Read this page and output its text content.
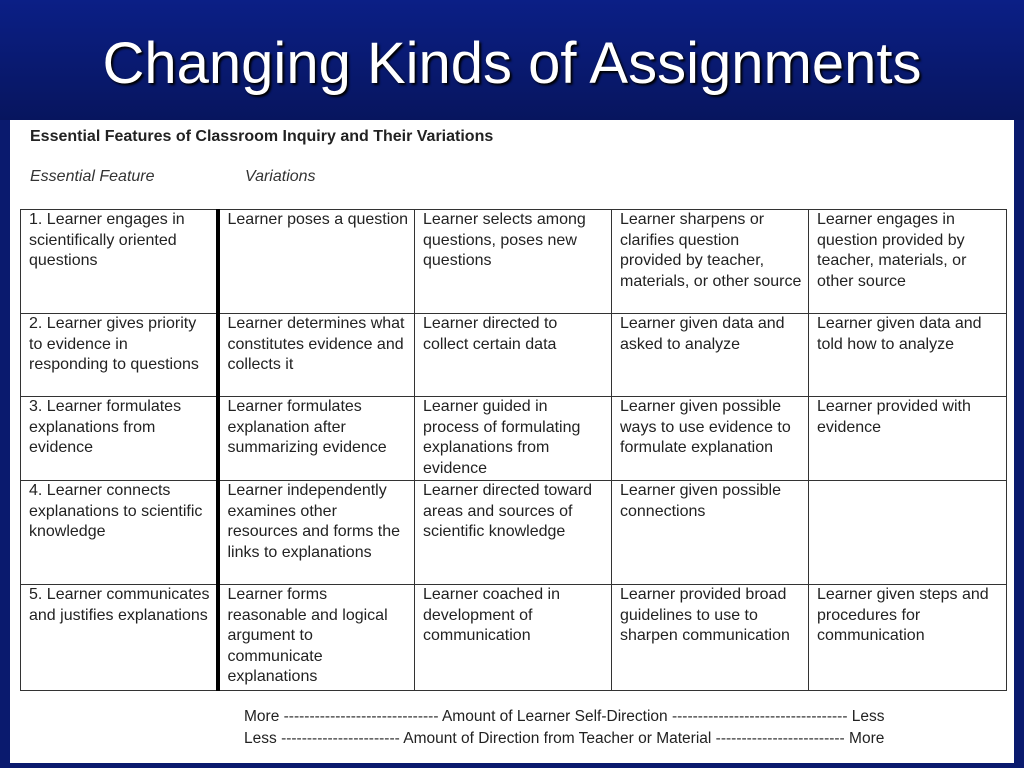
Changing Kinds of Assignments
Essential Features of Classroom Inquiry and Their Variations
Essential Feature	Variations
1. Learner engages in scientifically oriented questions	Learner poses a question	Learner selects among questions, poses new questions	Learner sharpens or clarifies question provided by teacher, materials, or other source	Learner engages in question provided by teacher, materials, or other source
2. Learner gives priority to evidence in responding to questions	Learner determines what constitutes evidence and collects it	Learner directed to collect certain data	Learner given data and asked to analyze	Learner given data and told how to analyze
3. Learner formulates explanations from evidence	Learner formulates explanation after summarizing evidence	Learner guided in process of formulating explanations from evidence	Learner given possible ways to use evidence to formulate explanation	Learner provided with evidence
4. Learner connects explanations to scientific knowledge	Learner independently examines other resources and forms the links to explanations	Learner directed toward areas and sources of scientific knowledge	Learner given possible connections	
5. Learner communicates and justifies explanations	Learner forms reasonable and logical argument to communicate explanations	Learner coached in development of communication	Learner provided broad guidelines to use to sharpen communication	Learner given steps and procedures for communication
More ------------------------------ Amount of Learner Self-Direction ---------------------------------- Less
Less ----------------------- Amount of Direction from Teacher or Material ------------------------- More
